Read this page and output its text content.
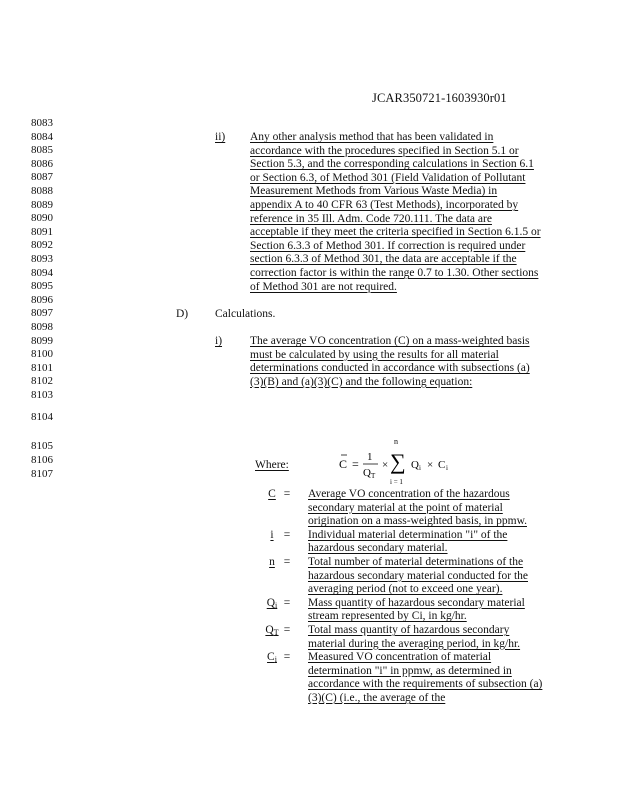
JCAR350721-1603930r01
8083
8084
8085
8086
8087
8088
8089
8090
8091
8092
8093
8094
8095
8096
8097
8098
8099
8100
8101
8102
8103
8104
8105
8106
8107
ii) Any other analysis method that has been validated in accordance with the procedures specified in Section 5.1 or Section 5.3, and the corresponding calculations in Section 6.1 or Section 6.3, of Method 301 (Field Validation of Pollutant Measurement Methods from Various Waste Media) in appendix A to 40 CFR 63 (Test Methods), incorporated by reference in 35 Ill. Adm. Code 720.111. The data are acceptable if they meet the criteria specified in Section 6.1.5 or Section 6.3.3 of Method 301. If correction is required under section 6.3.3 of Method 301, the data are acceptable if the correction factor is within the range 0.7 to 1.30. Other sections of Method 301 are not required.
D) Calculations.
i) The average VO concentration (C) on a mass-weighted basis must be calculated by using the results for all material determinations conducted in accordance with subsections (a)(3)(B) and (a)(3)(C) and the following equation:
C = 1
Q T
×
n
∑
i = 1
Q i × C i
Where:
C = Average VO concentration of the hazardous secondary material at the point of material origination on a mass-weighted basis, in ppmw.
i = Individual material determination "i" of the hazardous secondary material.
n = Total number of material determinations of the hazardous secondary material conducted for the averaging period (not to exceed one year).
$Q_i$ = Mass quantity of hazardous secondary material stream represented by Ci, in kg/hr.
$Q_T$ = Total mass quantity of hazardous secondary material during the averaging period, in kg/hr.
$C_i$ = Measured VO concentration of material determination "i" in ppmw, as determined in accordance with the requirements of subsection (a)(3)(C) (i.e., the average of the
